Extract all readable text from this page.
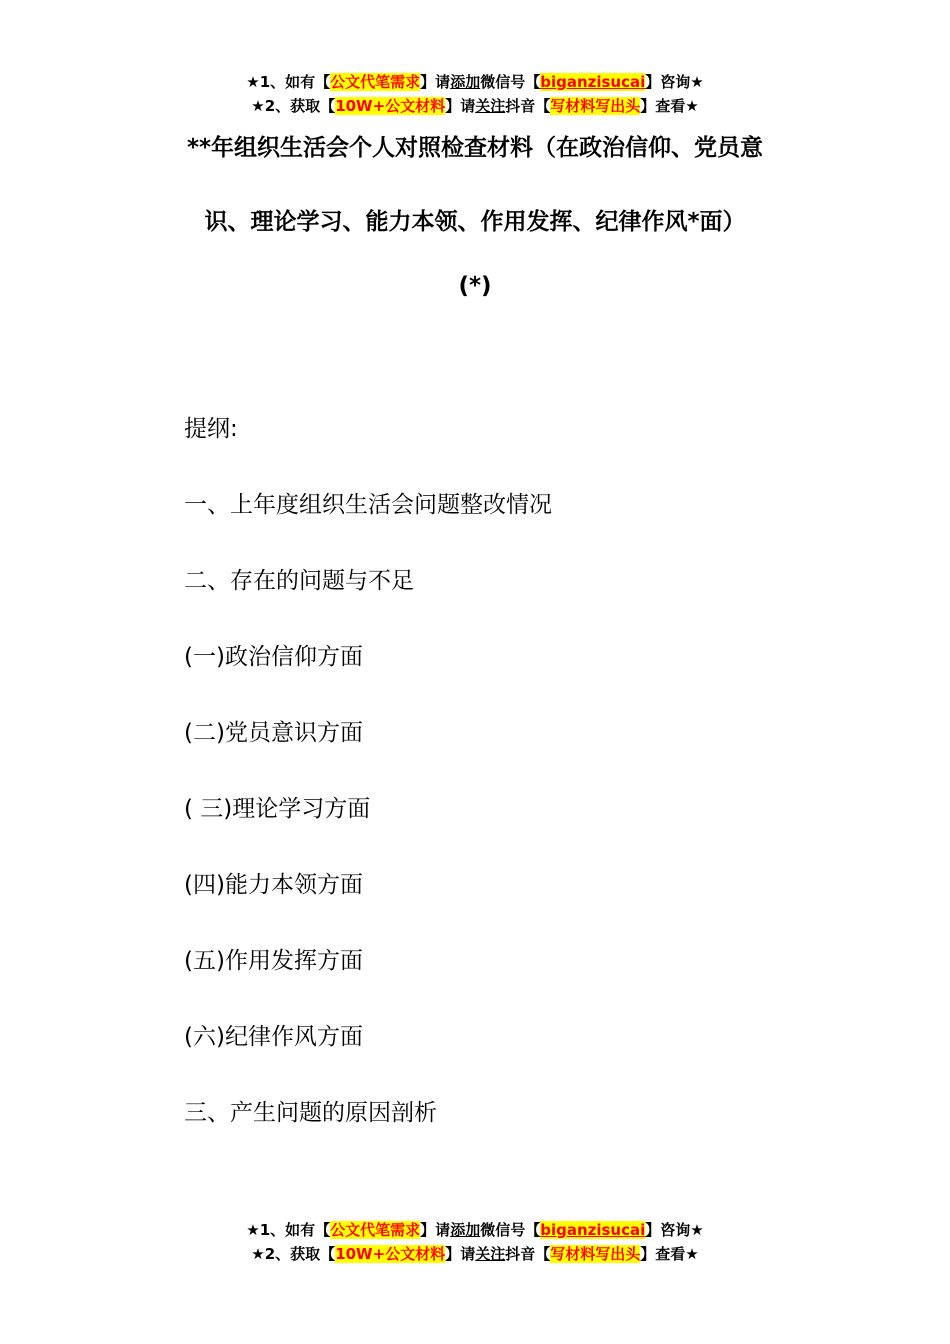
★1、如有【公文代笔需求】请添加微信号【biganzisucai】咨询★
★2、获取【10W+公文材料】请关注抖音【写材料写出头】查看★
**年组织生活会个人对照检查材料（在政治信仰、党员意
识、理论学习、能力本领、作用发挥、纪律作风*面）
(*)
提纲:
一、上年度组织生活会问题整改情况
二、存在的问题与不足
(一)政治信仰方面
(二)党员意识方面
( 三)理论学习方面
(四)能力本领方面
(五)作用发挥方面
(六)纪律作风方面
三、产生问题的原因剖析
★1、如有【公文代笔需求】请添加微信号【biganzisucai】咨询★
★2、获取【10W+公文材料】请关注抖音【写材料写出头】查看★
